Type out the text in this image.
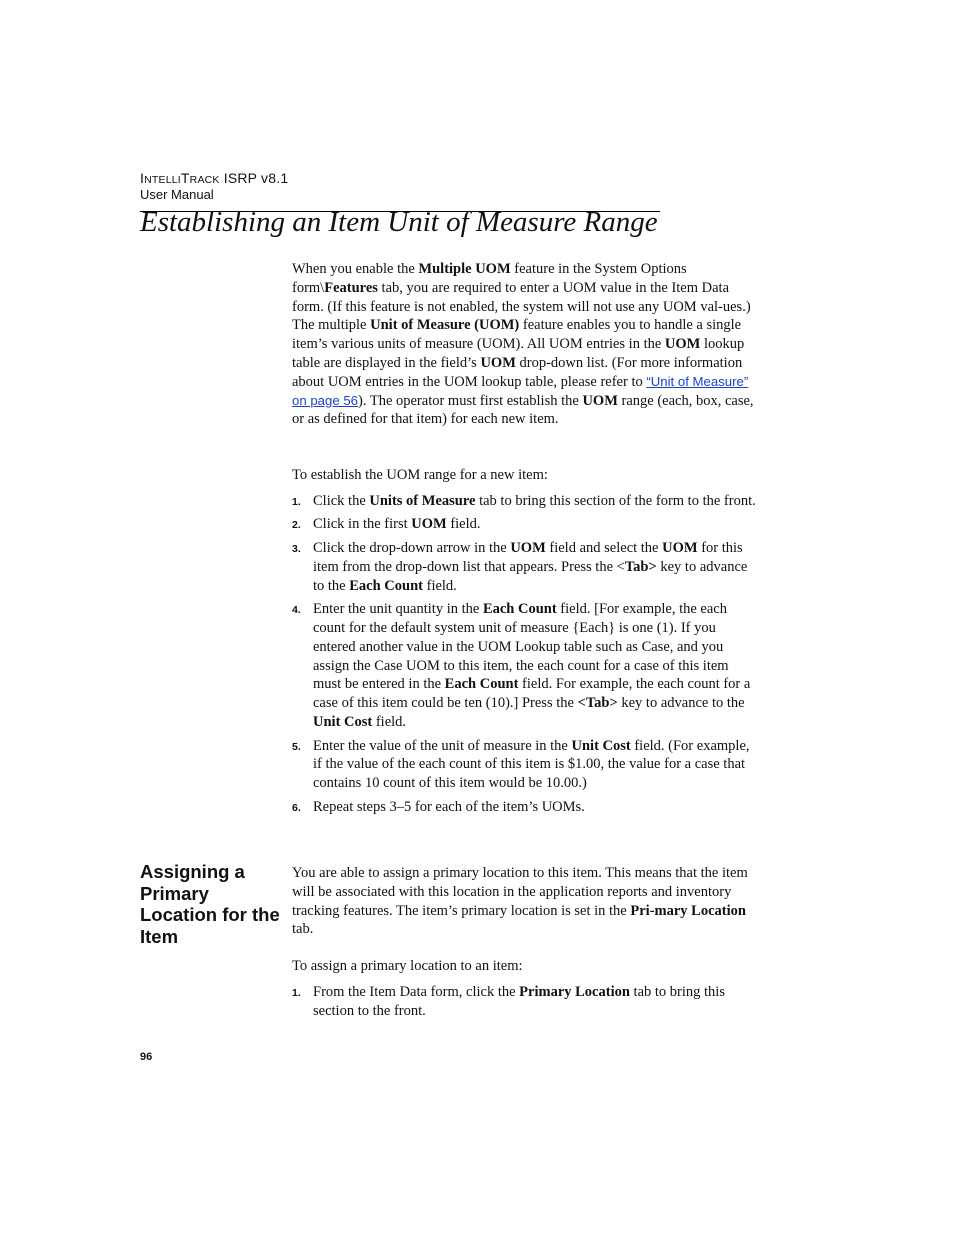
INTELLITRACK ISRP v8.1
User Manual
Establishing an Item Unit of Measure Range

When you enable the Multiple UOM feature in the System Options form\Features tab, you are required to enter a UOM value in the Item Data form. (If this feature is not enabled, the system will not use any UOM val-ues.) The multiple Unit of Measure (UOM) feature enables you to handle a single item’s various units of measure (UOM). All UOM entries in the UOM lookup table are displayed in the field’s UOM drop-down list. (For more information about UOM entries in the UOM lookup table, please refer to “Unit of Measure” on page 56). The operator must first establish the UOM range (each, box, case, or as defined for that item) for each new item.

To establish the UOM range for a new item:

1. Click the Units of Measure tab to bring this section of the form to the front.
2. Click in the first UOM field.
3. Click the drop-down arrow in the UOM field and select the UOM for this item from the drop-down list that appears. Press the <Tab> key to advance to the Each Count field.
4. Enter the unit quantity in the Each Count field. [For example, the each count for the default system unit of measure {Each} is one (1). If you entered another value in the UOM Lookup table such as Case, and you assign the Case UOM to this item, the each count for a case of this item must be entered in the Each Count field. For example, the each count for a case of this item could be ten (10).] Press the <Tab> key to advance to the Unit Cost field.
5. Enter the value of the unit of measure in the Unit Cost field. (For example, if the value of the each count of this item is $1.00, the value for a case that contains 10 count of this item would be 10.00.)
6. Repeat steps 3–5 for each of the item’s UOMs.
Assigning a Primary Location for the Item

You are able to assign a primary location to this item. This means that the item will be associated with this location in the application reports and inventory tracking features. The item’s primary location is set in the Pri-mary Location tab.

To assign a primary location to an item:

1. From the Item Data form, click the Primary Location tab to bring this section to the front.
96
